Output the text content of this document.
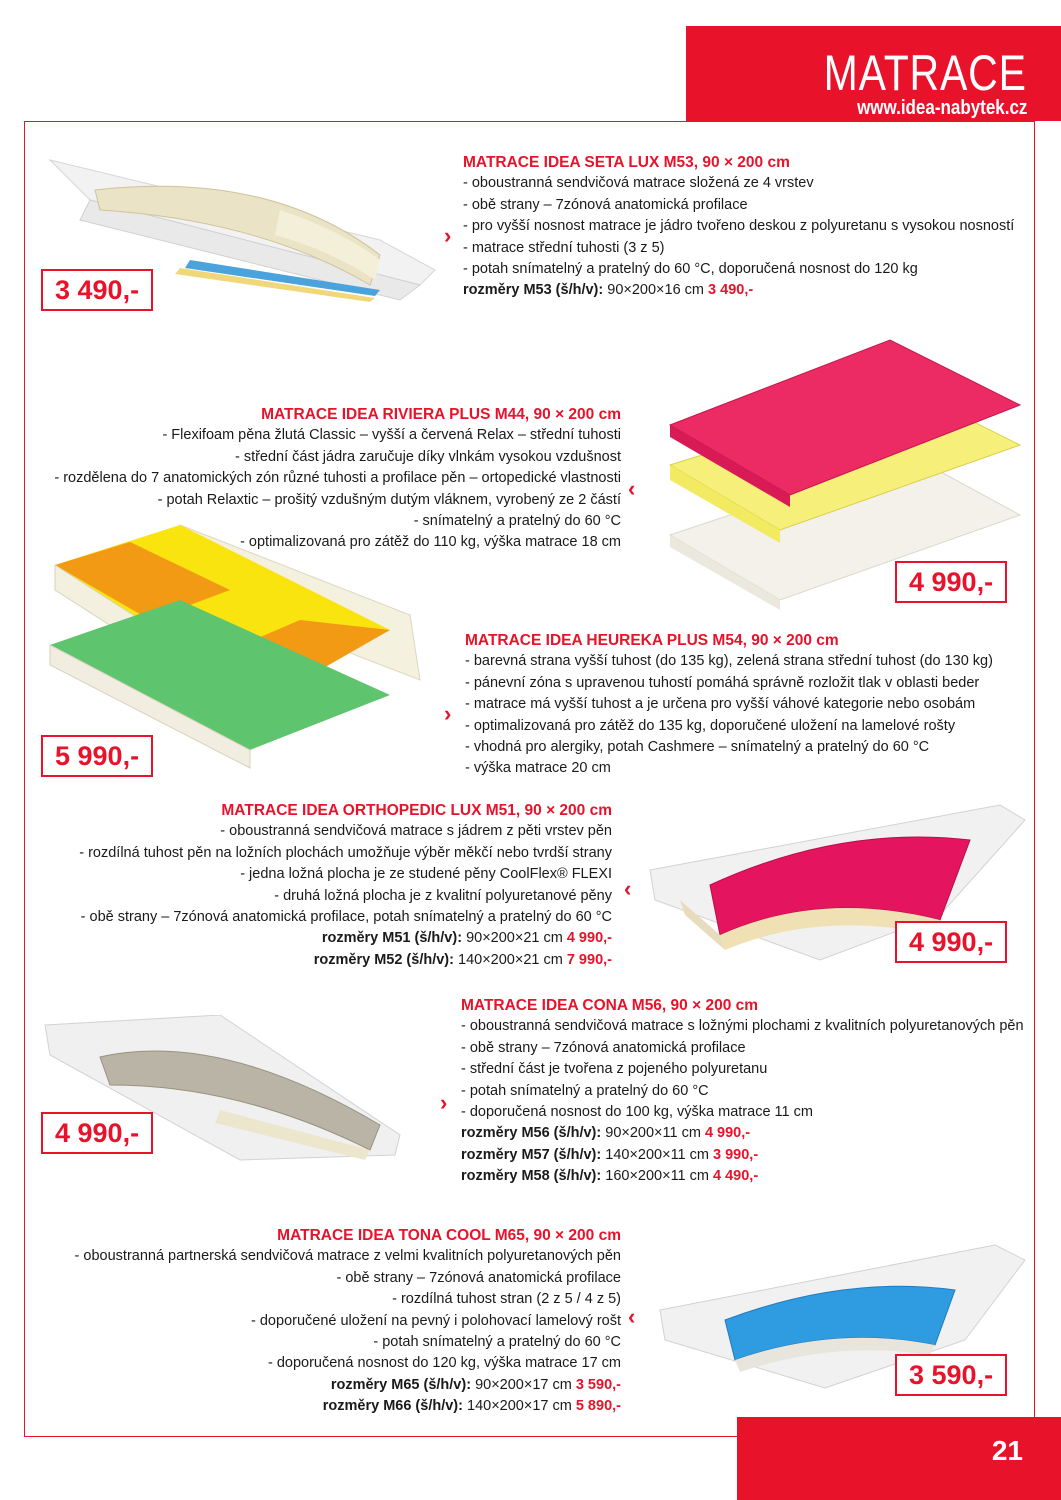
MATRACE
www.idea-nabytek.cz
3 490,-
›
MATRACE IDEA SETA LUX M53, 90 × 200 cm
- oboustranná sendvičová matrace složená ze 4 vrstev
- obě strany – 7zónová anatomická profilace
- pro vyšší nosnost matrace je jádro tvořeno deskou z polyuretanu s vysokou nosností
- matrace střední tuhosti (3 z 5)
- potah snímatelný a pratelný do 60 °C, doporučená nosnost do 120 kg
rozměry M53 (š/h/v): 90×200×16 cm 3 490,-
MATRACE IDEA RIVIERA PLUS M44, 90 × 200 cm
- Flexifoam pěna žlutá Classic – vyšší a červená Relax – střední tuhosti
- střední část jádra zaručuje díky vlnkám vysokou vzdušnost
- rozdělena do 7 anatomických zón různé tuhosti a profilace pěn – ortopedické vlastnosti
- potah Relaxtic – prošitý vzdušným dutým vláknem, vyrobený ze 2 částí
- snímatelný a pratelný do 60 °C
- optimalizovaná pro zátěž do 110 kg, výška matrace 18 cm
‹
4 990,-
5 990,-
›
MATRACE IDEA HEUREKA PLUS M54, 90 × 200 cm
- barevná strana vyšší tuhost (do 135 kg), zelená strana střední tuhost (do 130 kg)
- pánevní zóna s upravenou tuhostí pomáhá správně rozložit tlak v oblasti beder
- matrace má vyšší tuhost a je určena pro vyšší váhové kategorie nebo osobám
- optimalizovaná pro zátěž do 135 kg, doporučené uložení na lamelové rošty
- vhodná pro alergiky, potah Cashmere – snímatelný a pratelný do 60 °C
- výška matrace 20 cm
MATRACE IDEA ORTHOPEDIC LUX M51, 90 × 200 cm
- oboustranná sendvičová matrace s jádrem z pěti vrstev pěn
- rozdílná tuhost pěn na ložních plochách umožňuje výběr měkčí nebo tvrdší strany
- jedna ložná plocha je ze studené pěny CoolFlex® FLEXI
- druhá ložná plocha je z kvalitní polyuretanové pěny
- obě strany – 7zónová anatomická profilace, potah snímatelný a pratelný do 60 °C
rozměry M51 (š/h/v): 90×200×21 cm 4 990,-
rozměry M52 (š/h/v): 140×200×21 cm 7 990,-
‹
4 990,-
4 990,-
›
MATRACE IDEA CONA M56, 90 × 200 cm
- oboustranná sendvičová matrace s ložnými plochami z kvalitních polyuretanových pěn
- obě strany – 7zónová anatomická profilace
- střední část je tvořena z pojeného polyuretanu
- potah snímatelný a pratelný do 60 °C
- doporučená nosnost do 100 kg, výška matrace 11 cm
rozměry M56 (š/h/v): 90×200×11 cm 4 990,-
rozměry M57 (š/h/v): 140×200×11 cm 3 990,-
rozměry M58 (š/h/v): 160×200×11 cm 4 490,-
MATRACE IDEA TONA COOL M65, 90 × 200 cm
- oboustranná partnerská sendvičová matrace z velmi kvalitních polyuretanových pěn
- obě strany – 7zónová anatomická profilace
- rozdílná tuhost stran (2 z 5 / 4 z 5)
- doporučené uložení na pevný i polohovací lamelový rošt
- potah snímatelný a pratelný do 60 °C
- doporučená nosnost do 120 kg, výška matrace 17 cm
rozměry M65 (š/h/v): 90×200×17 cm 3 590,-
rozměry M66 (š/h/v): 140×200×17 cm 5 890,-
‹
3 590,-
21
